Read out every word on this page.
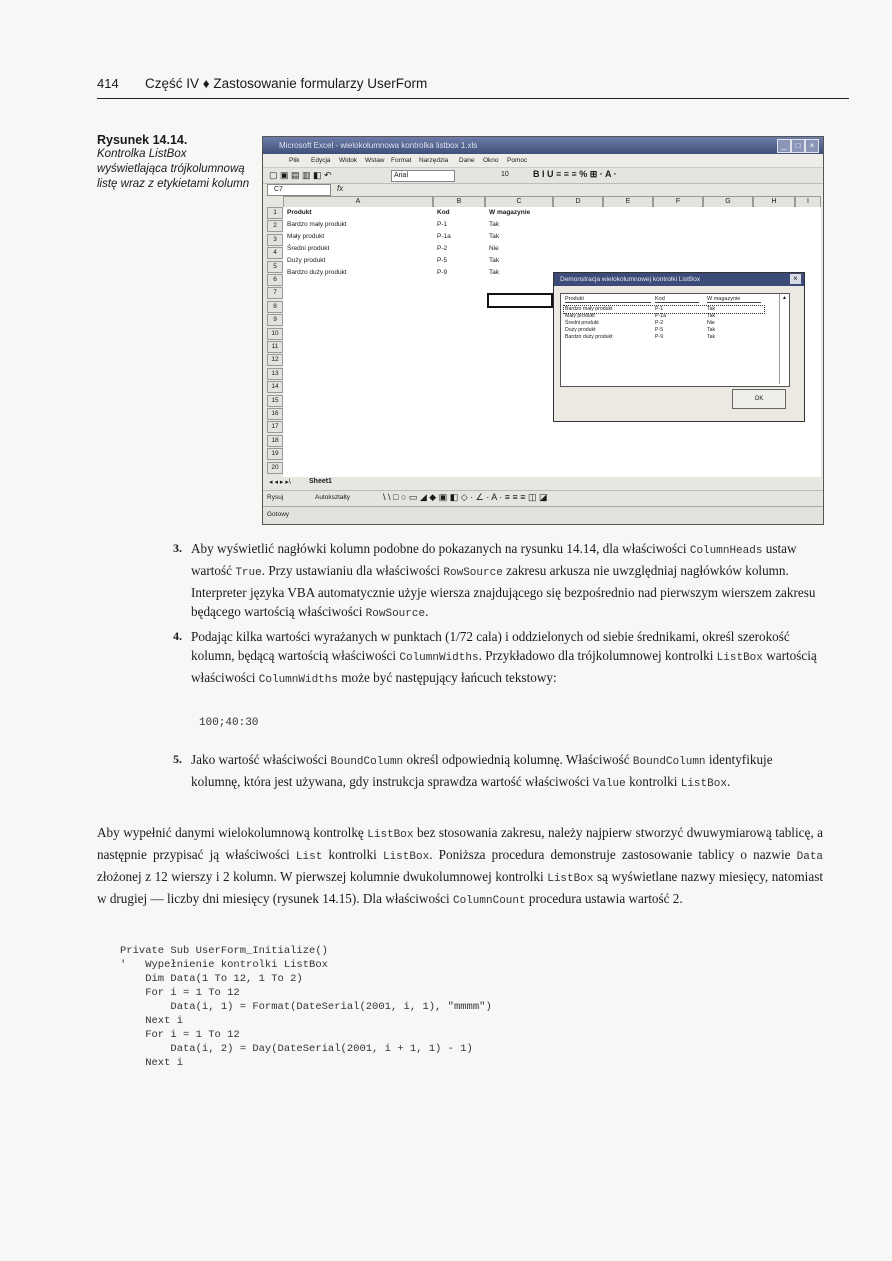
414 Część IV ♦ Zastosowanie formularzy UserForm
Rysunek 14.14.
Kontrolka ListBox wyświetlająca trójkolumnową listę wraz z etykietami kolumn
Microsoft Excel - wielokolumnowa kontrolka listbox 1.xls	_	□	×
Plik Edycja Widok Wstaw Format Narzędzia Dane Okno Pomoc
▢ ▣ ▤ ▥ ◧ ↶	Arial	10	B I U ≡ ≡ ≡ % ⊞ · A ·
C7	fx
A	B	C	D	E	F	G	H	I
1
2
3
4
5
6
7
8
9
10
11
12
13
14
15
16
17
18
19
20
Produkt	Kod	W magazynie
Bardzo mały produkt	P-1	Tak
Mały produkt	P-1a	Tak
Średni produkt	P-2	Nie
Duży produkt	P-5	Tak
Bardzo duży produkt	P-9	Tak
Demonstracja wielokolumnowej kontrolki ListBox	×
Produkt	Kod	W magazynie
Bardzo mały produkt	P-1	Tak
Mały produkt	P-1a	Tak
Średni produkt	P-2	Nie
Duży produkt	P-5	Tak
Bardzo duży produkt	P-9	Tak
▴
OK
◂ ◂ ▸ ▸\	Sheet1
Rysuj	Autokształty	\ \ □ ○ ▭ ◢ ◆ ▣ ◧ ◇ · ∠ · A · ≡ ≡ ≡ ◫ ◪
Gotowy
3. Aby wyświetlić nagłówki kolumn podobne do pokazanych na rysunku 14.14, dla właściwości ColumnHeads ustaw wartość True. Przy ustawianiu dla właściwości RowSource zakresu arkusza nie uwzględniaj nagłówków kolumn. Interpreter języka VBA automatycznie użyje wiersza znajdującego się bezpośrednio nad pierwszym wierszem zakresu będącego wartością właściwości RowSource.
4. Podając kilka wartości wyrażanych w punktach (1/72 cala) i oddzielonych od siebie średnikami, określ szerokość kolumn, będącą wartością właściwości ColumnWidths. Przykładowo dla trójkolumnowej kontrolki ListBox wartością właściwości ColumnWidths może być następujący łańcuch tekstowy:
100;40:30
5. Jako wartość właściwości BoundColumn określ odpowiednią kolumnę. Właściwość BoundColumn identyfikuje kolumnę, która jest używana, gdy instrukcja sprawdza wartość właściwości Value kontrolki ListBox.
Aby wypełnić danymi wielokolumnową kontrolkę ListBox bez stosowania zakresu, należy najpierw stworzyć dwuwymiarową tablicę, a następnie przypisać ją właściwości List kontrolki ListBox. Poniższa procedura demonstruje zastosowanie tablicy o nazwie Data złożonej z 12 wierszy i 2 kolumn. W pierwszej kolumnie dwukolumnowej kontrolki ListBox są wyświetlane nazwy miesięcy, natomiast w drugiej — liczby dni miesięcy (rysunek 14.15). Dla właściwości ColumnCount procedura ustawia wartość 2.
Private Sub UserForm_Initialize()
'   Wypełnienie kontrolki ListBox
Dim Data(1 To 12, 1 To 2)
For i = 1 To 12
Data(i, 1) = Format(DateSerial(2001, i, 1), "mmmm")
Next i
For i = 1 To 12
Data(i, 2) = Day(DateSerial(2001, i + 1, 1) - 1)
Next i
